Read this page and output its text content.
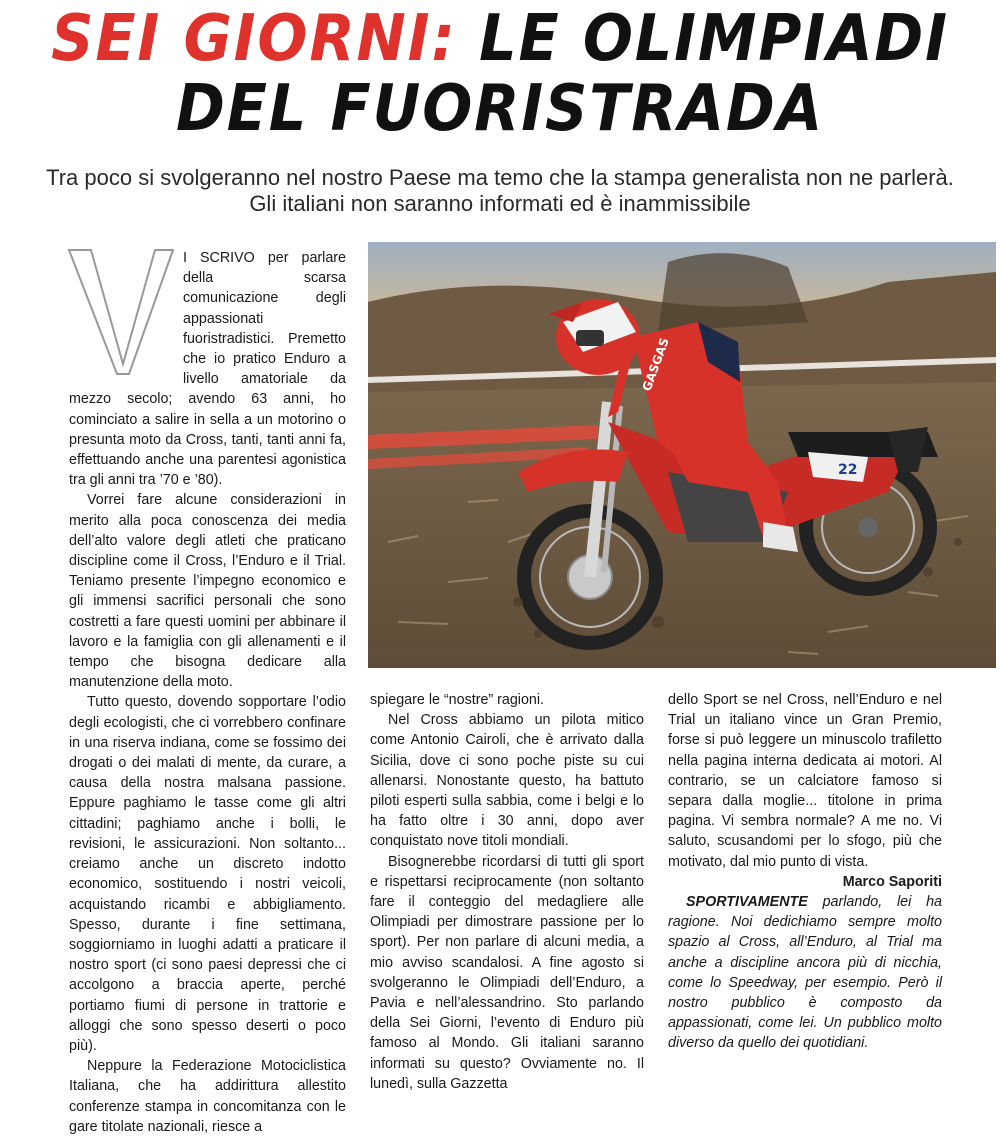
SEI GIORNI: LE OLIMPIADI
DEL FUORISTRADA
Tra poco si svolgeranno nel nostro Paese ma temo che la stampa generalista non ne parlerà. Gli italiani non saranno informati ed è inammissibile

I SCRIVO per parlare della scarsa comunicazione degli appassionati fuoristradistici. Premetto che io pratico Enduro a livello amatoriale da mezzo secolo; avendo 63 anni, ho cominciato a salire in sella a un motorino o presunta moto da Cross, tanti, tanti anni fa, effettuando anche una parentesi agonistica tra gli anni tra ’70 e ’80).

Vorrei fare alcune considerazioni in merito alla poca conoscenza dei media dell’alto valore degli atleti che praticano discipline come il Cross, l’Enduro e il Trial. Teniamo presente l’impegno economico e gli immensi sacrifici personali che sono costretti a fare questi uomini per abbinare il lavoro e la famiglia con gli allenamenti e il tempo che bisogna dedicare alla manutenzione della moto.

Tutto questo, dovendo sopportare l’odio degli ecologisti, che ci vorrebbero confinare in una riserva indiana, come se fossimo dei drogati o dei malati di mente, da curare, a causa della nostra malsana passione. Eppure paghiamo le tasse come gli altri cittadini; paghiamo anche i bolli, le revisioni, le assicurazioni. Non soltanto... creiamo anche un discreto indotto economico, sostituendo i nostri veicoli, acquistando ricambi e abbigliamento. Spesso, durante i fine settimana, soggiorniamo in luoghi adatti a praticare il nostro sport (ci sono paesi depressi che ci accolgono a braccia aperte, perché portiamo fiumi di persone in trattorie e alloggi che sono spesso deserti o poco più).

Neppure la Federazione Motociclistica Italiana, che ha addirittura allestito conferenze stampa in concomitanza con le gare titolate nazionali, riesce a

22
GASGAS

spiegare le “nostre” ragioni.

Nel Cross abbiamo un pilota mitico come Antonio Cairoli, che è arrivato dalla Sicilia, dove ci sono poche piste su cui allenarsi. Nonostante questo, ha battuto piloti esperti sulla sabbia, come i belgi e lo ha fatto oltre i 30 anni, dopo aver conquistato nove titoli mondiali.

Bisognerebbe ricordarsi di tutti gli sport e rispettarsi reciprocamente (non soltanto fare il conteggio del medagliere alle Olimpiadi per dimostrare passione per lo sport). Per non parlare di alcuni media, a mio avviso scandalosi. A fine agosto si svolgeranno le Olimpiadi dell’Enduro, a Pavia e nell’alessandrino. Sto parlando della Sei Giorni, l’evento di Enduro più famoso al Mondo. Gli italiani saranno informati su questo? Ovviamente no. Il lunedì, sulla Gazzetta

dello Sport se nel Cross, nell’Enduro e nel Trial un italiano vince un Gran Premio, forse si può leggere un minuscolo trafiletto nella pagina interna dedicata ai motori. Al contrario, se un calciatore famoso si separa dalla moglie... titolone in prima pagina. Vi sembra normale? A me no. Vi saluto, scusandomi per lo sfogo, più che motivato, dal mio punto di vista.

Marco Saporiti

SPORTIVAMENTE parlando, lei ha ragione. Noi dedichiamo sempre molto spazio al Cross, all’Enduro, al Trial ma anche a discipline ancora più di nicchia, come lo Speedway, per esempio. Però il nostro pubblico è composto da appassionati, come lei. Un pubblico molto diverso da quello dei quotidiani.
